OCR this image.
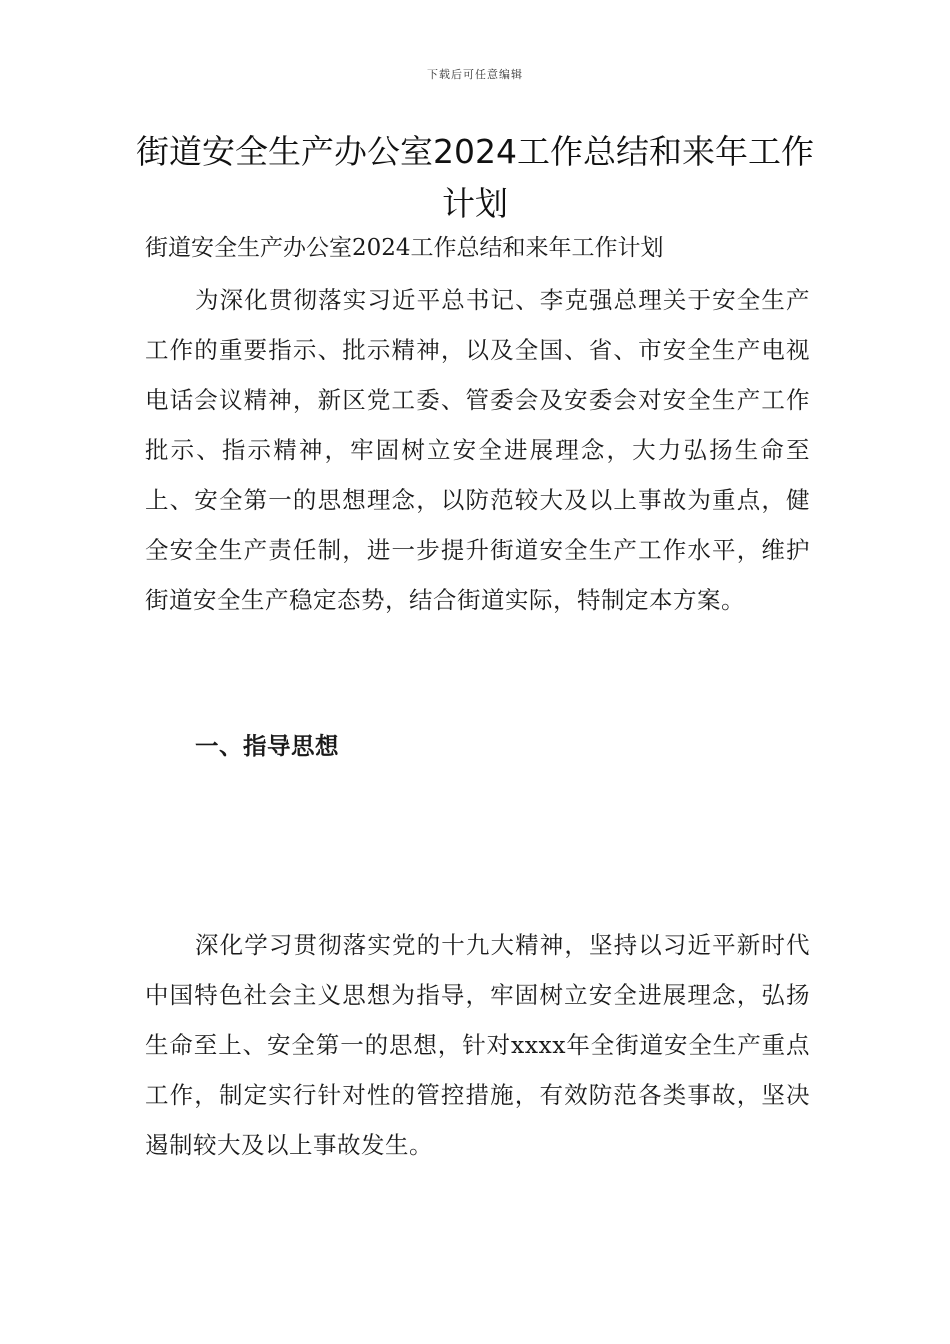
下载后可任意编辑
街道安全生产办公室2024工作总结和来年工作计划

街道安全生产办公室2024工作总结和来年工作计划

为深化贯彻落实习近平总书记、李克强总理关于安全生产工作的重要指示、批示精神，以及全国、省、市安全生产电视电话会议精神，新区党工委、管委会及安委会对安全生产工作批示、指示精神，牢固树立安全进展理念，大力弘扬生命至上、安全第一的思想理念，以防范较大及以上事故为重点，健全安全生产责任制，进一步提升街道安全生产工作水平，维护街道安全生产稳定态势，结合街道实际，特制定本方案。

一、指导思想

深化学习贯彻落实党的十九大精神，坚持以习近平新时代中国特色社会主义思想为指导，牢固树立安全进展理念，弘扬生命至上、安全第一的思想，针对xxxx年全街道安全生产重点工作，制定实行针对性的管控措施，有效防范各类事故，坚决遏制较大及以上事故发生。
